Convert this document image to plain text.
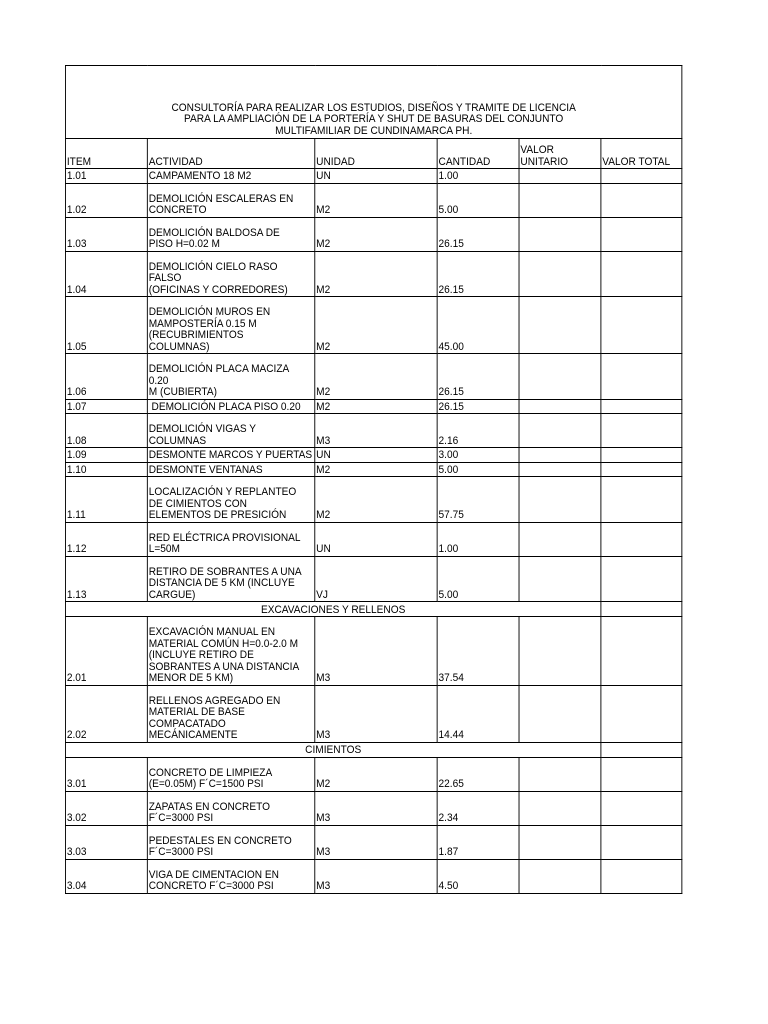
CONSULTORÍA PARA REALIZAR LOS ESTUDIOS, DISEÑOS Y TRAMITE DE LICENCIA
PARA LA AMPLIACIÓN DE LA PORTERÍA Y SHUT DE BASURAS DEL CONJUNTO
MULTIFAMILIAR DE CUNDINAMARCA PH.					

ITEM	ACTIVIDAD	UNIDAD	CANTIDAD	VALOR UNITARIO	VALOR TOTAL
1.01	CAMPAMENTO 18 M2	UN	1.00		
1.02	DEMOLICIÓN ESCALERAS EN
CONCRETO	M2	5.00		
1.03	DEMOLICIÓN BALDOSA DE
PISO H=0.02 M	M2	26.15		
1.04	DEMOLICIÓN CIELO RASO
FALSO
(OFICINAS Y CORREDORES)	M2	26.15		
1.05	DEMOLICIÓN MUROS EN
MAMPOSTERÍA 0.15 M
(RECUBRIMIENTOS
COLUMNAS)	M2	45.00		
1.06	DEMOLICIÓN PLACA MACIZA
0.20
M (CUBIERTA)	M2	26.15		
1.07	DEMOLICIÓN PLACA PISO 0.20	M2	26.15		
1.08	DEMOLICIÓN VIGAS Y
COLUMNAS	M3	2.16		
1.09	DESMONTE MARCOS Y PUERTAS	UN	3.00		
1.10	DESMONTE VENTANAS	M2	5.00		
1.11	LOCALIZACIÓN Y REPLANTEO
DE CIMIENTOS CON
ELEMENTOS DE PRESICIÓN	M2	57.75		
1.12	RED ELÉCTRICA PROVISIONAL
L=50M	UN	1.00		
1.13	RETIRO DE SOBRANTES A UNA
DISTANCIA DE 5 KM (INCLUYE
CARGUE)	VJ	5.00		
EXCAVACIONES Y RELLENOS					
2.01	EXCAVACIÓN MANUAL EN
MATERIAL COMÚN H=0.0-2.0 M
(INCLUYE RETIRO DE
SOBRANTES A UNA DISTANCIA
MENOR DE 5 KM)	M3	37.54		
2.02	RELLENOS AGREGADO EN
MATERIAL DE BASE
COMPACATADO
MECÁNICAMENTE	M3	14.44		
CIMIENTOS					
3.01	CONCRETO DE LIMPIEZA
(E=0.05M) F´C=1500 PSI	M2	22.65		
3.02	ZAPATAS EN CONCRETO
F´C=3000 PSI	M3	2.34		
3.03	PEDESTALES EN CONCRETO
F´C=3000 PSI	M3	1.87		
3.04	VIGA DE CIMENTACION EN
CONCRETO F´C=3000 PSI	M3	4.50		
